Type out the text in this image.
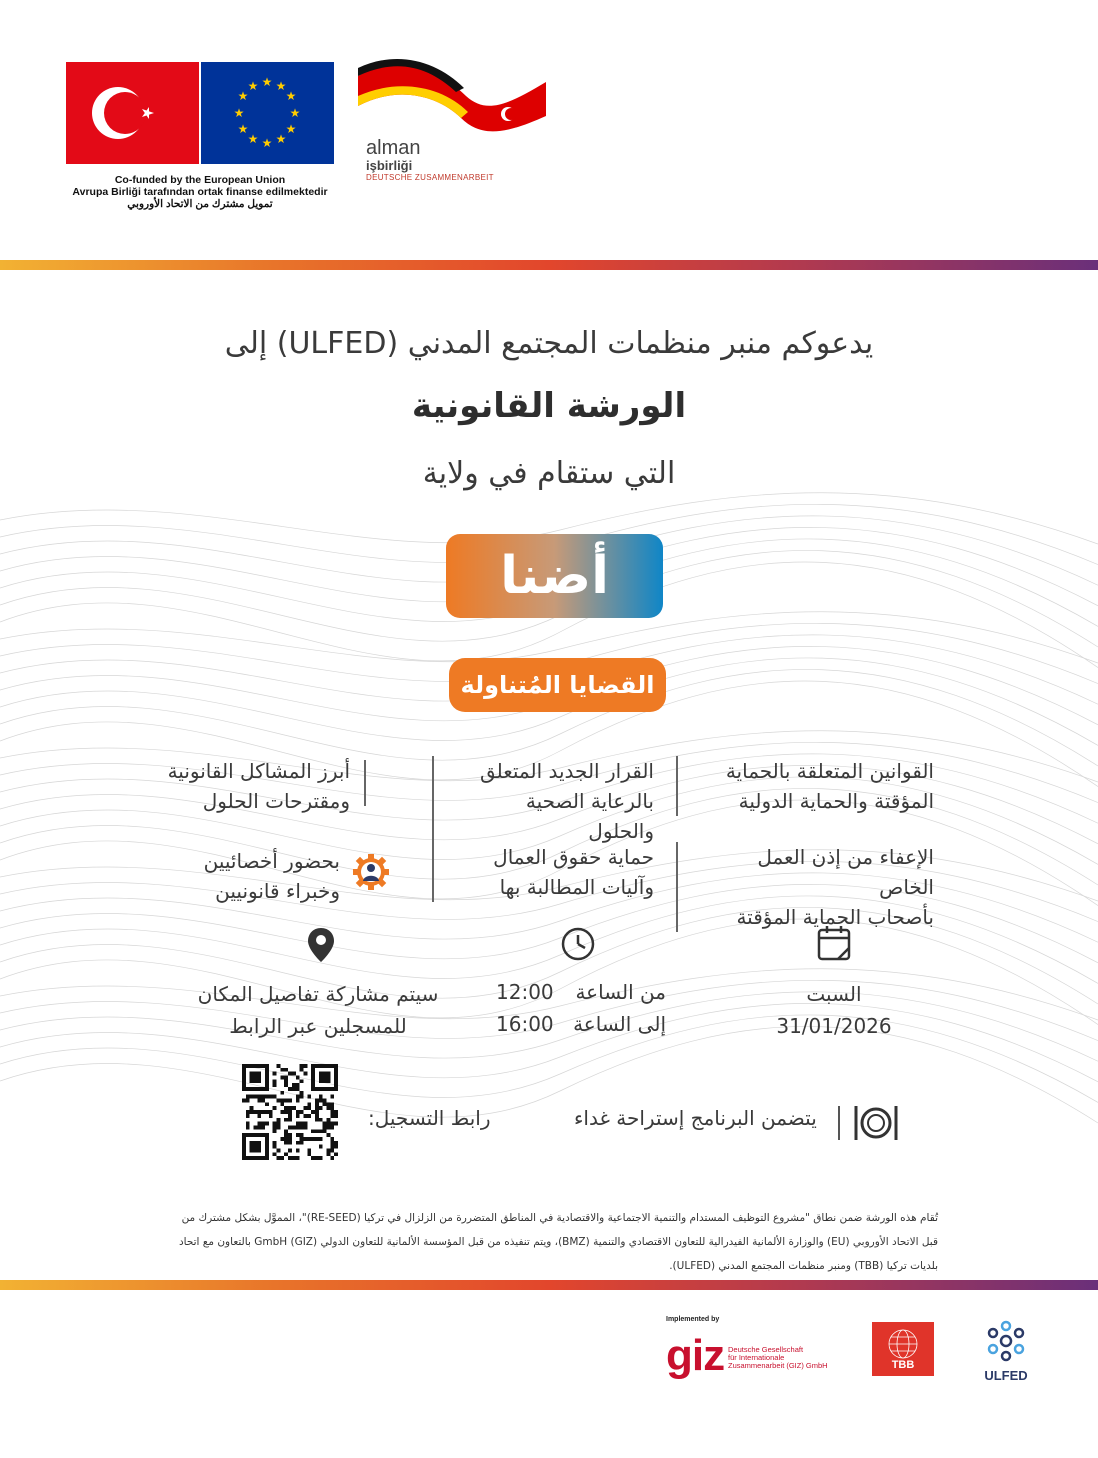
★ ★
★
★
★
★
★
★
★
★
★
★
Co-funded by the European Union
Avrupa Birliği tarafından ortak finanse edilmektedir
تمويل مشترك من الاتحاد الأوروبي
alman
işbirliği
DEUTSCHE ZUSAMMENARBEIT
يدعوكم منبر منظمات المجتمع المدني (ULFED) إلى
الورشة القانونية
التي ستقام في ولاية
أضنا
القضايا المُتناولة
القوانين المتعلقة بالحماية
المؤقتة والحماية الدولية
القرار الجديد المتعلق
بالرعاية الصحية والحلول
أبرز المشاكل القانونية
ومقترحات الحلول
الإعفاء من إذن العمل الخاص
بأصحاب الحماية المؤقتة
حماية حقوق العمال
وآليات المطالبة بها
بحضور أخصائيين
وخبراء قانونيين
السبت
31/01/2026
من الساعة
12:00
إلى الساعة
16:00
سيتم مشاركة تفاصيل المكان
للمسجلين عبر الرابط
رابط التسجيل:	يتضمن البرنامج إستراحة غداء
تُقام هذه الورشة ضمن نطاق "مشروع التوظيف المستدام والتنمية الاجتماعية والاقتصادية في المناطق المتضررة من الزلزال في تركيا (RE-SEED)"، المموَّل بشكل مشترك من
قبل الاتحاد الأوروبي (EU) والوزارة الألمانية الفيدرالية للتعاون الاقتصادي والتنمية (BMZ)، ويتم تنفيذه من قبل المؤسسة الألمانية للتعاون الدولي GmbH (GIZ) بالتعاون مع اتحاد
بلديات تركيا (TBB) ومنبر منظمات المجتمع المدني (ULFED).
Implemented by
giz Deutsche Gesellschaft
für Internationale
Zusammenarbeit (GIZ) GmbH	TBB
ULFED
